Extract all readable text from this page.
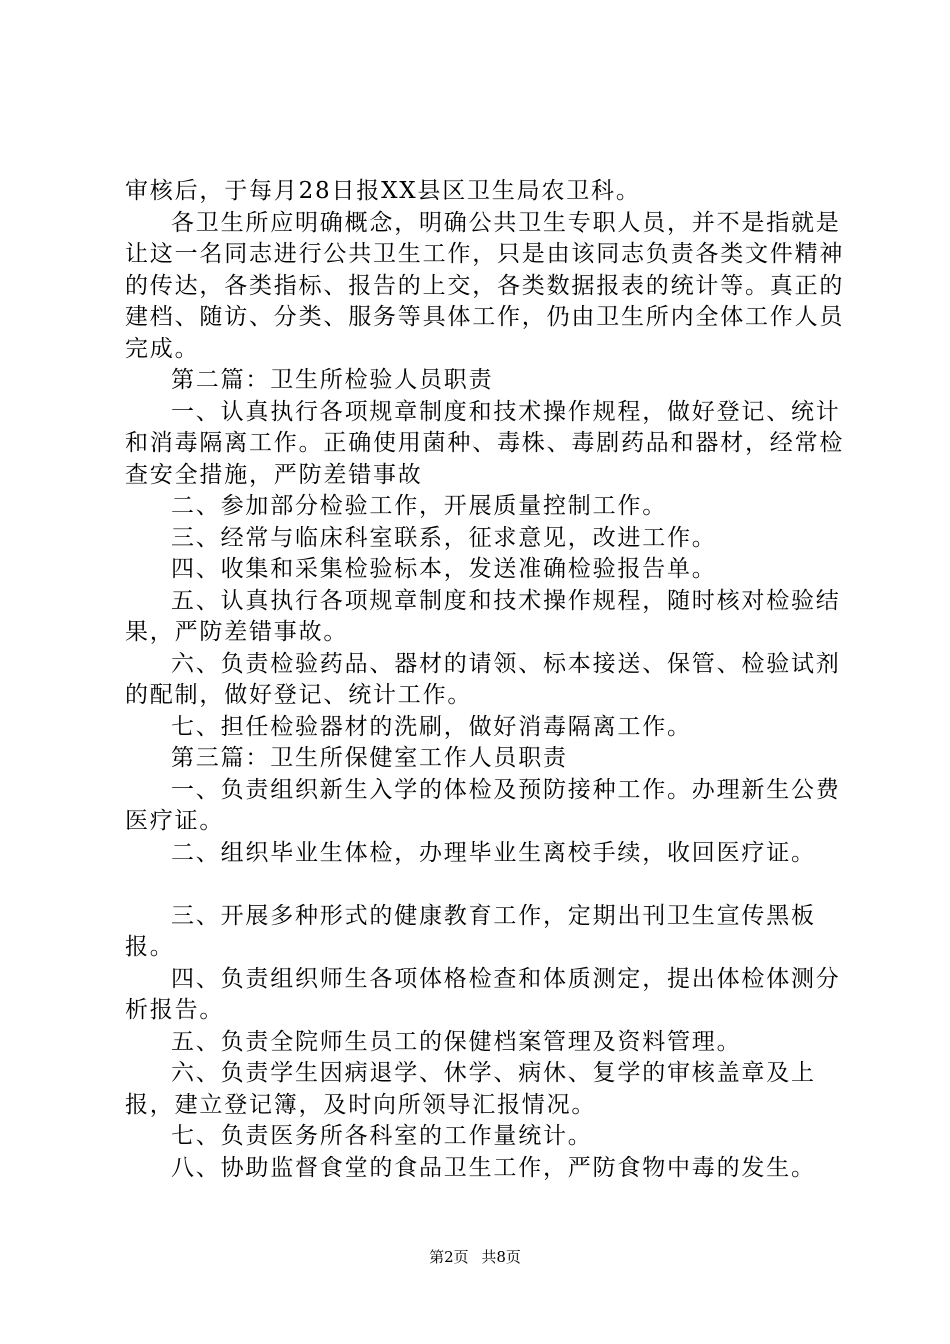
审核后，于每月28日报XX县区卫生局农卫科。

各卫生所应明确概念，明确公共卫生专职人员，并不是指就是让这一名同志进行公共卫生工作，只是由该同志负责各类文件精神的传达，各类指标、报告的上交，各类数据报表的统计等。真正的建档、随访、分类、服务等具体工作，仍由卫生所内全体工作人员完成。

第二篇：卫生所检验人员职责

一、认真执行各项规章制度和技术操作规程，做好登记、统计和消毒隔离工作。正确使用菌种、毒株、毒剧药品和器材，经常检查安全措施，严防差错事故

二、参加部分检验工作，开展质量控制工作。

三、经常与临床科室联系，征求意见，改进工作。

四、收集和采集检验标本，发送准确检验报告单。

五、认真执行各项规章制度和技术操作规程，随时核对检验结果，严防差错事故。

六、负责检验药品、器材的请领、标本接送、保管、检验试剂的配制，做好登记、统计工作。

七、担任检验器材的洗刷，做好消毒隔离工作。

第三篇：卫生所保健室工作人员职责

一、负责组织新生入学的体检及预防接种工作。办理新生公费医疗证。

二、组织毕业生体检，办理毕业生离校手续，收回医疗证。

三、开展多种形式的健康教育工作，定期出刊卫生宣传黑板报。

四、负责组织师生各项体格检查和体质测定，提出体检体测分析报告。

五、负责全院师生员工的保健档案管理及资料管理。

六、负责学生因病退学、休学、病休、复学的审核盖章及上报，建立登记簿，及时向所领导汇报情况。

七、负责医务所各科室的工作量统计。

八、协助监督食堂的食品卫生工作，严防食物中毒的发生。

第2页 共8页
